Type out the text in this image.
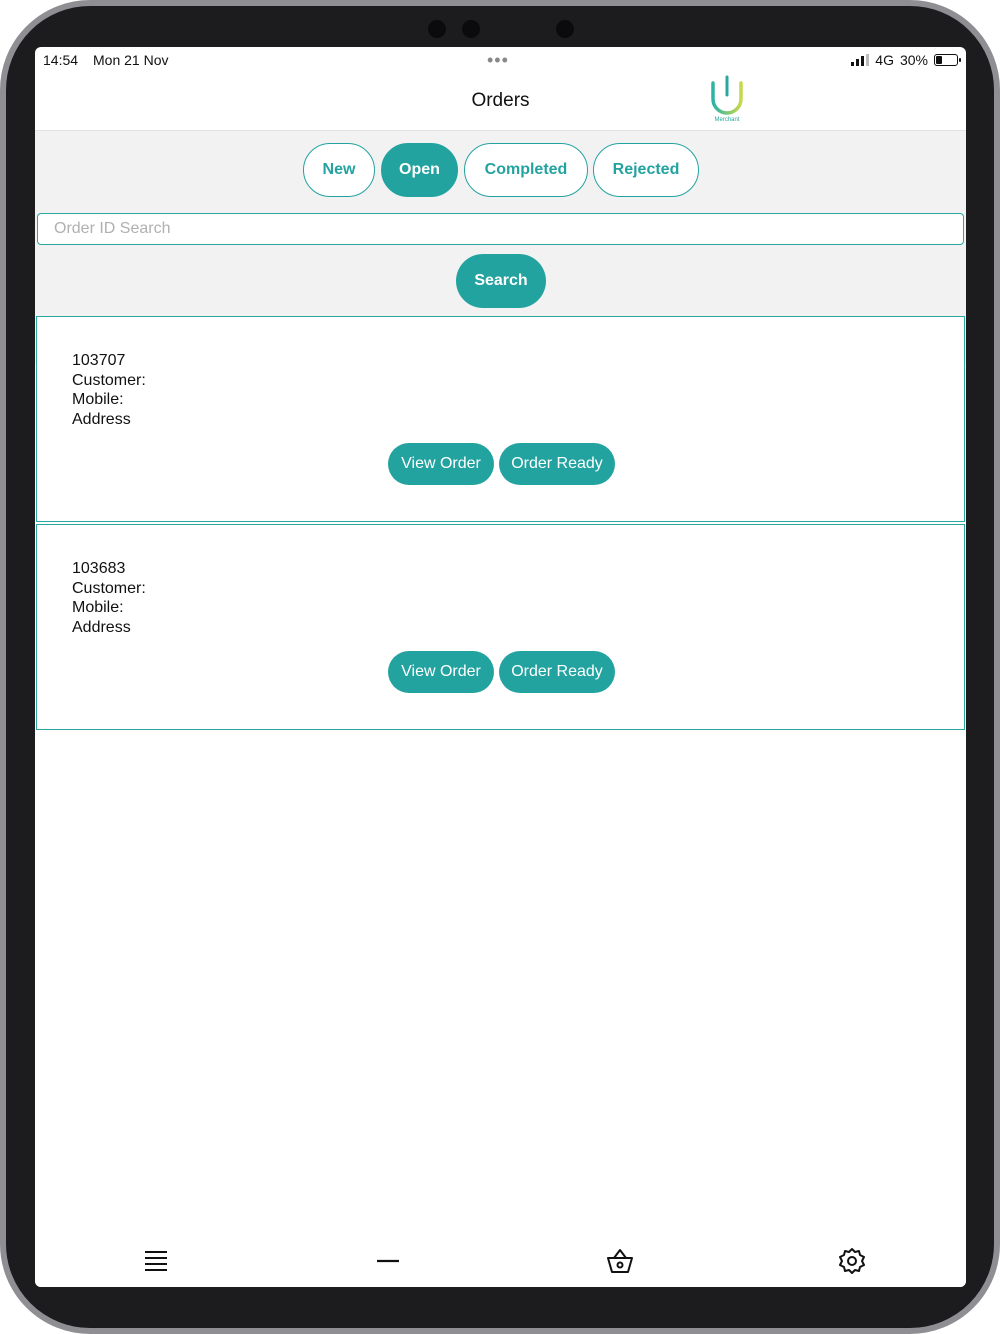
14:54 Mon 21 Nov	•••	4G 30%
Orders
Merchant
New	Open	Completed	Rejected
Order ID Search
Search
103707
Customer:
Mobile:
Address
View Order Order Ready
103683
Customer:
Mobile:
Address
View Order Order Ready
